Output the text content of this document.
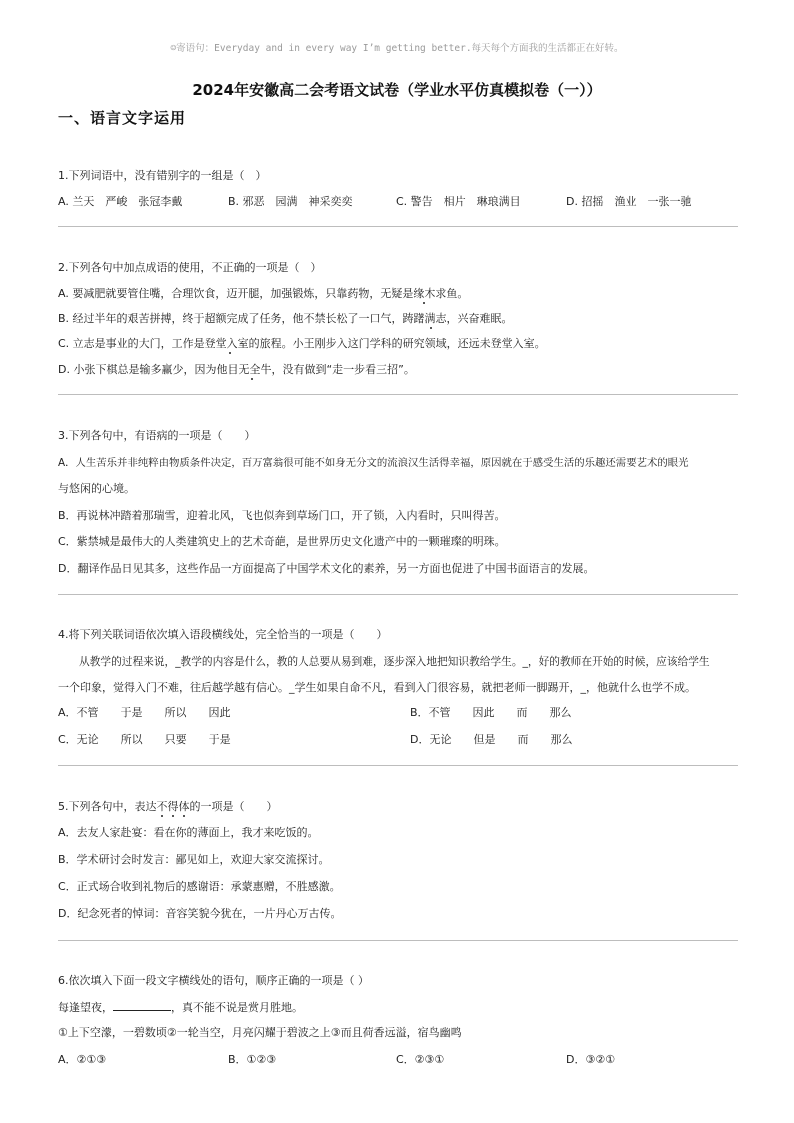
☺寄语句：Everyday and in every way I’m getting better.每天每个方面我的生活都正在好转。
2024年安徽高二会考语文试卷（学业水平仿真模拟卷（一））
一、语言文字运用
1.下列词语中，没有错别字的一组是（　）
A. 兰天　严峻　张冠李戴	B. 邪恶　园满　神采奕奕	C. 警告　相片　琳琅满目	D. 招摇　渔业　一张一驰
2.下列各句中加点成语的使用，不正确的一项是（　）
A. 要减肥就要管住嘴，合理饮食，迈开腿，加强锻炼，只靠药物，无疑是缘木求鱼。
B. 经过半年的艰苦拼搏，终于超额完成了任务，他不禁长松了一口气，踌躇满志，兴奋难眠。
C. 立志是事业的大门，工作是登堂入室的旅程。小王刚步入这门学科的研究领域，还远未登堂入室。
D. 小张下棋总是输多赢少，因为他目无全牛，没有做到“走一步看三招”。
3.下列各句中，有语病的一项是（　　）
A．人生苦乐并非纯粹由物质条件决定，百万富翁很可能不如身无分文的流浪汉生活得幸福，原因就在于感受生活的乐趣还需要艺术的眼光
与悠闲的心境。
B．再说林冲踏着那瑞雪，迎着北风，飞也似奔到草场门口，开了锁，入内看时，只叫得苦。
C．紫禁城是最伟大的人类建筑史上的艺术奇葩，是世界历史文化遗产中的一颗璀璨的明珠。
D．翻译作品日见其多，这些作品一方面提高了中国学术文化的素养，另一方面也促进了中国书面语言的发展。
4.将下列关联词语依次填入语段横线处，完全恰当的一项是（　　）
从教学的过程来说，_教学的内容是什么，教的人总要从易到难，逐步深入地把知识教给学生。_，好的教师在开始的时候，应该给学生
一个印象，觉得入门不难，往后越学越有信心。_学生如果自命不凡，看到入门很容易，就把老师一脚踢开，_，他就什么也学不成。
A．不管　　于是　　所以　　因此	B．不管　　因此　　而　　那么
C．无论　　所以　　只要　　于是	D．无论　　但是　　而　　那么
5.下列各句中，表达不得体的一项是（　　）
A．去友人家赴宴：看在你的薄面上，我才来吃饭的。
B．学术研讨会时发言：鄙见如上，欢迎大家交流探讨。
C．正式场合收到礼物后的感谢语：承蒙惠赠，不胜感激。
D．纪念死者的悼词：音容笑貌今犹在，一片丹心万古传。
6.依次填入下面一段文字横线处的语句，顺序正确的一项是（ ）
每逢望夜，	，真不能不说是赏月胜地。
①上下空濛，一碧数顷②一轮当空，月亮闪耀于碧波之上③而且荷香远溢，宿鸟幽鸣
A．②①③	B．①②③	C．②③①	D．③②①
